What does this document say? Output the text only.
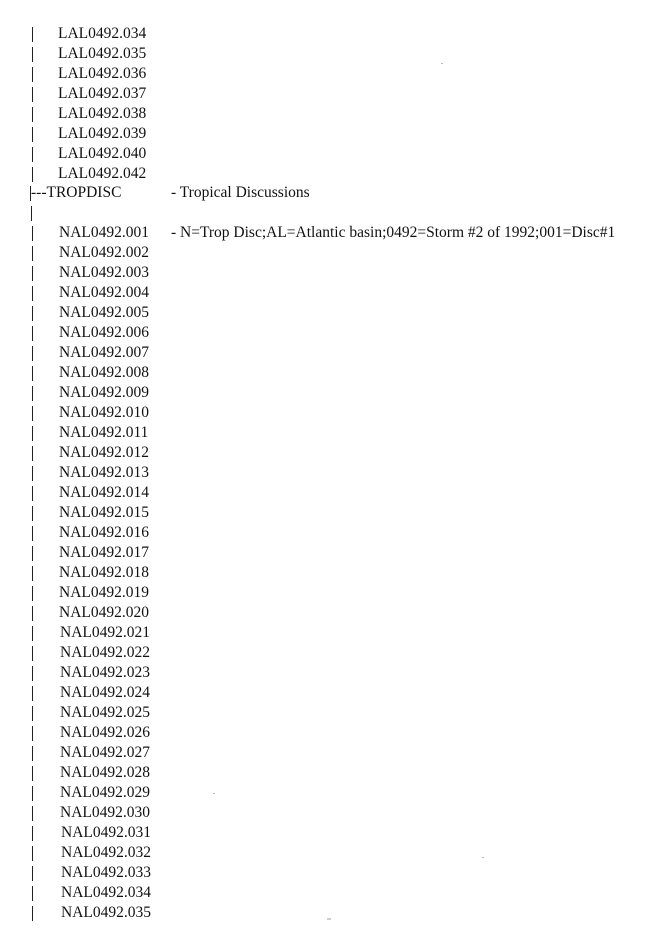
LAL0492.034
LAL0492.035
LAL0492.036
LAL0492.037
LAL0492.038
LAL0492.039
LAL0492.040
LAL0492.042
---TROPDISC	- Tropical Discussions
NAL0492.001 - N=Trop Disc;AL=Atlantic basin;0492=Storm #2 of 1992;001=Disc#1
NAL0492.002
NAL0492.003
NAL0492.004
NAL0492.005
NAL0492.006
NAL0492.007
NAL0492.008
NAL0492.009
NAL0492.010
NAL0492.011
NAL0492.012
NAL0492.013
NAL0492.014
NAL0492.015
NAL0492.016
NAL0492.017
NAL0492.018
NAL0492.019
NAL0492.020
NAL0492.021
NAL0492.022
NAL0492.023
NAL0492.024
NAL0492.025
NAL0492.026
NAL0492.027
NAL0492.028
NAL0492.029
NAL0492.030
NAL0492.031
NAL0492.032
NAL0492.033
NAL0492.034
NAL0492.035
